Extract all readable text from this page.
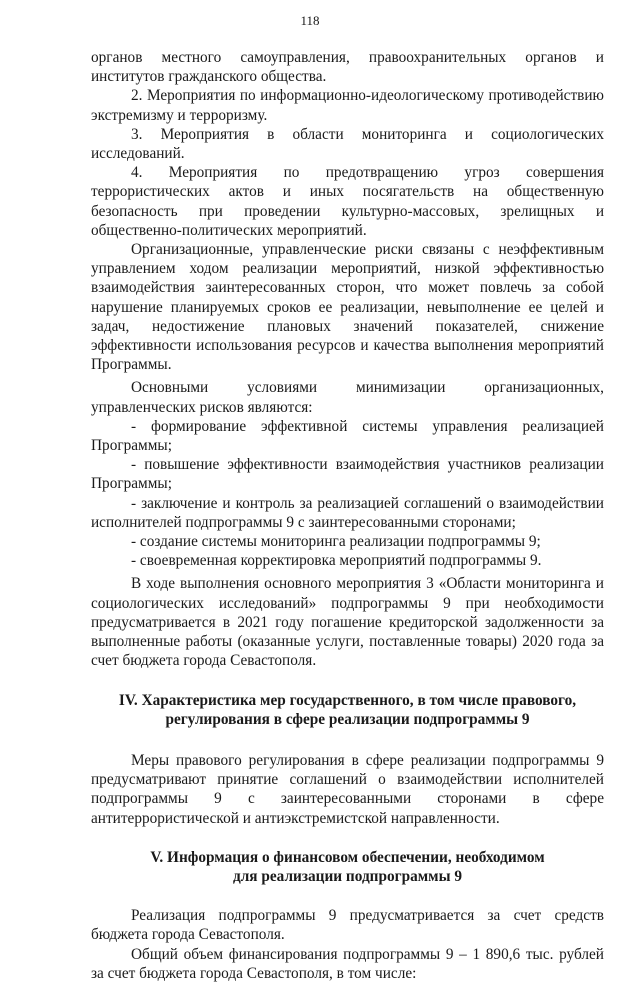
118

органов местного самоуправления, правоохранительных органов и институтов гражданского общества.

2. Мероприятия по информационно-идеологическому противодействию экстремизму и терроризму.

3. Мероприятия в области мониторинга и социологических исследований.

4. Мероприятия по предотвращению угроз совершения террористических актов и иных посягательств на общественную безопасность при проведении культурно-массовых, зрелищных и общественно-политических мероприятий.

Организационные, управленческие риски связаны с неэффективным управлением ходом реализации мероприятий, низкой эффективностью взаимодействия заинтересованных сторон, что может повлечь за собой нарушение планируемых сроков ее реализации, невыполнение ее целей и задач, недостижение плановых значений показателей, снижение эффективности использования ресурсов и качества выполнения мероприятий Программы.

Основными условиями минимизации организационных, управленческих рисков являются:

- формирование эффективной системы управления реализацией Программы;

- повышение эффективности взаимодействия участников реализации Программы;

- заключение и контроль за реализацией соглашений о взаимодействии исполнителей подпрограммы 9 с заинтересованными сторонами;

- создание системы мониторинга реализации подпрограммы 9;

- своевременная корректировка мероприятий подпрограммы 9.

В ходе выполнения основного мероприятия 3 «Области мониторинга и социологических исследований» подпрограммы 9 при необходимости предусматривается в 2021 году погашение кредиторской задолженности за выполненные работы (оказанные услуги, поставленные товары) 2020 года за счет бюджета города Севастополя.

IV. Характеристика мер государственного, в том числе правового,

регулирования в сфере реализации подпрограммы 9

Меры правового регулирования в сфере реализации подпрограммы 9 предусматривают принятие соглашений о взаимодействии исполнителей подпрограммы 9 с заинтересованными сторонами в сфере антитеррористической и антиэкстремистской направленности.

V. Информация о финансовом обеспечении, необходимом

для реализации подпрограммы 9

Реализация подпрограммы 9 предусматривается за счет средств бюджета города Севастополя.

Общий объем финансирования подпрограммы 9 – 1 890,6 тыс. рублей за счет бюджета города Севастополя, в том числе:
